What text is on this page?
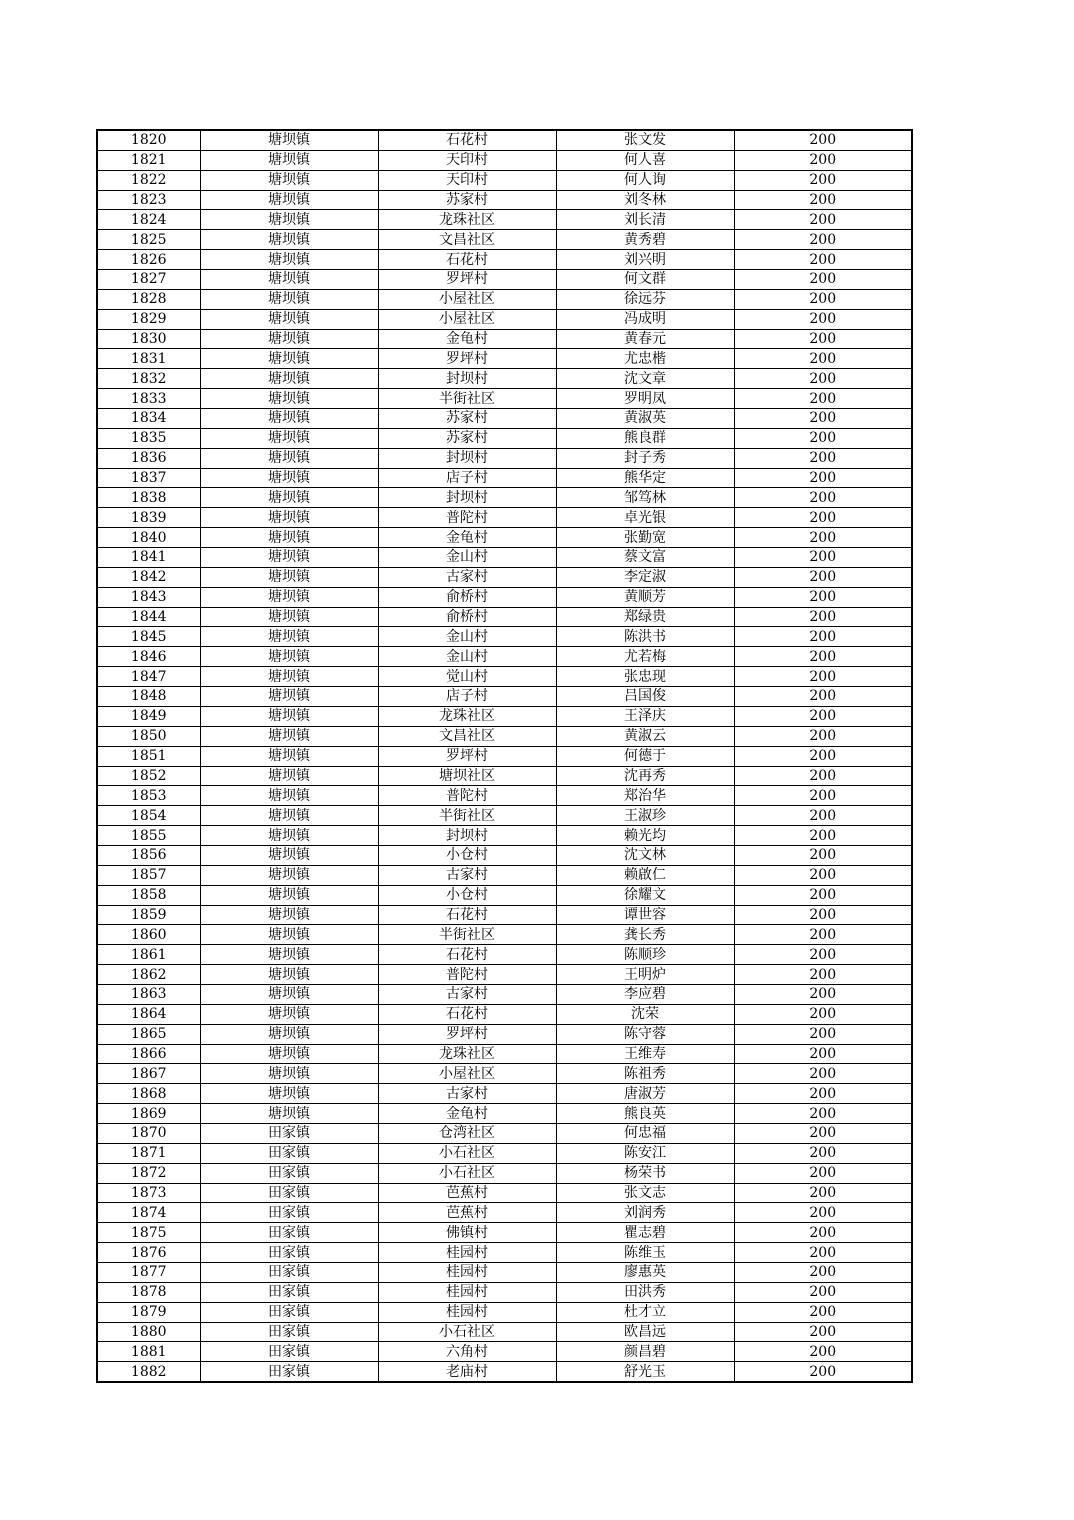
1820	塘坝镇	石花村	张文发	200
1821	塘坝镇	天印村	何人喜	200
1822	塘坝镇	天印村	何人询	200
1823	塘坝镇	苏家村	刘冬林	200
1824	塘坝镇	龙珠社区	刘长清	200
1825	塘坝镇	文昌社区	黄秀碧	200
1826	塘坝镇	石花村	刘兴明	200
1827	塘坝镇	罗坪村	何文群	200
1828	塘坝镇	小屋社区	徐远芬	200
1829	塘坝镇	小屋社区	冯成明	200
1830	塘坝镇	金龟村	黄春元	200
1831	塘坝镇	罗坪村	尤忠楷	200
1832	塘坝镇	封坝村	沈文章	200
1833	塘坝镇	半街社区	罗明凤	200
1834	塘坝镇	苏家村	黄淑英	200
1835	塘坝镇	苏家村	熊良群	200
1836	塘坝镇	封坝村	封子秀	200
1837	塘坝镇	店子村	熊华定	200
1838	塘坝镇	封坝村	邹笃林	200
1839	塘坝镇	普陀村	卓光银	200
1840	塘坝镇	金龟村	张勤宽	200
1841	塘坝镇	金山村	蔡文富	200
1842	塘坝镇	古家村	李定淑	200
1843	塘坝镇	俞桥村	黄顺芳	200
1844	塘坝镇	俞桥村	郑绿贵	200
1845	塘坝镇	金山村	陈洪书	200
1846	塘坝镇	金山村	尤若梅	200
1847	塘坝镇	觉山村	张忠现	200
1848	塘坝镇	店子村	吕国俊	200
1849	塘坝镇	龙珠社区	王泽庆	200
1850	塘坝镇	文昌社区	黄淑云	200
1851	塘坝镇	罗坪村	何德于	200
1852	塘坝镇	塘坝社区	沈再秀	200
1853	塘坝镇	普陀村	郑治华	200
1854	塘坝镇	半街社区	王淑珍	200
1855	塘坝镇	封坝村	赖光均	200
1856	塘坝镇	小仓村	沈文林	200
1857	塘坝镇	古家村	赖啟仁	200
1858	塘坝镇	小仓村	徐耀文	200
1859	塘坝镇	石花村	谭世容	200
1860	塘坝镇	半街社区	龚长秀	200
1861	塘坝镇	石花村	陈顺珍	200
1862	塘坝镇	普陀村	王明炉	200
1863	塘坝镇	古家村	李应碧	200
1864	塘坝镇	石花村	沈荣	200
1865	塘坝镇	罗坪村	陈守蓉	200
1866	塘坝镇	龙珠社区	王维寿	200
1867	塘坝镇	小屋社区	陈祖秀	200
1868	塘坝镇	古家村	唐淑芳	200
1869	塘坝镇	金龟村	熊良英	200
1870	田家镇	仓湾社区	何忠福	200
1871	田家镇	小石社区	陈安江	200
1872	田家镇	小石社区	杨荣书	200
1873	田家镇	芭蕉村	张文志	200
1874	田家镇	芭蕉村	刘润秀	200
1875	田家镇	佛镇村	瞿志碧	200
1876	田家镇	桂园村	陈维玉	200
1877	田家镇	桂园村	廖惠英	200
1878	田家镇	桂园村	田洪秀	200
1879	田家镇	桂园村	杜才立	200
1880	田家镇	小石社区	欧昌远	200
1881	田家镇	六角村	颜昌碧	200
1882	田家镇	老庙村	舒光玉	200
